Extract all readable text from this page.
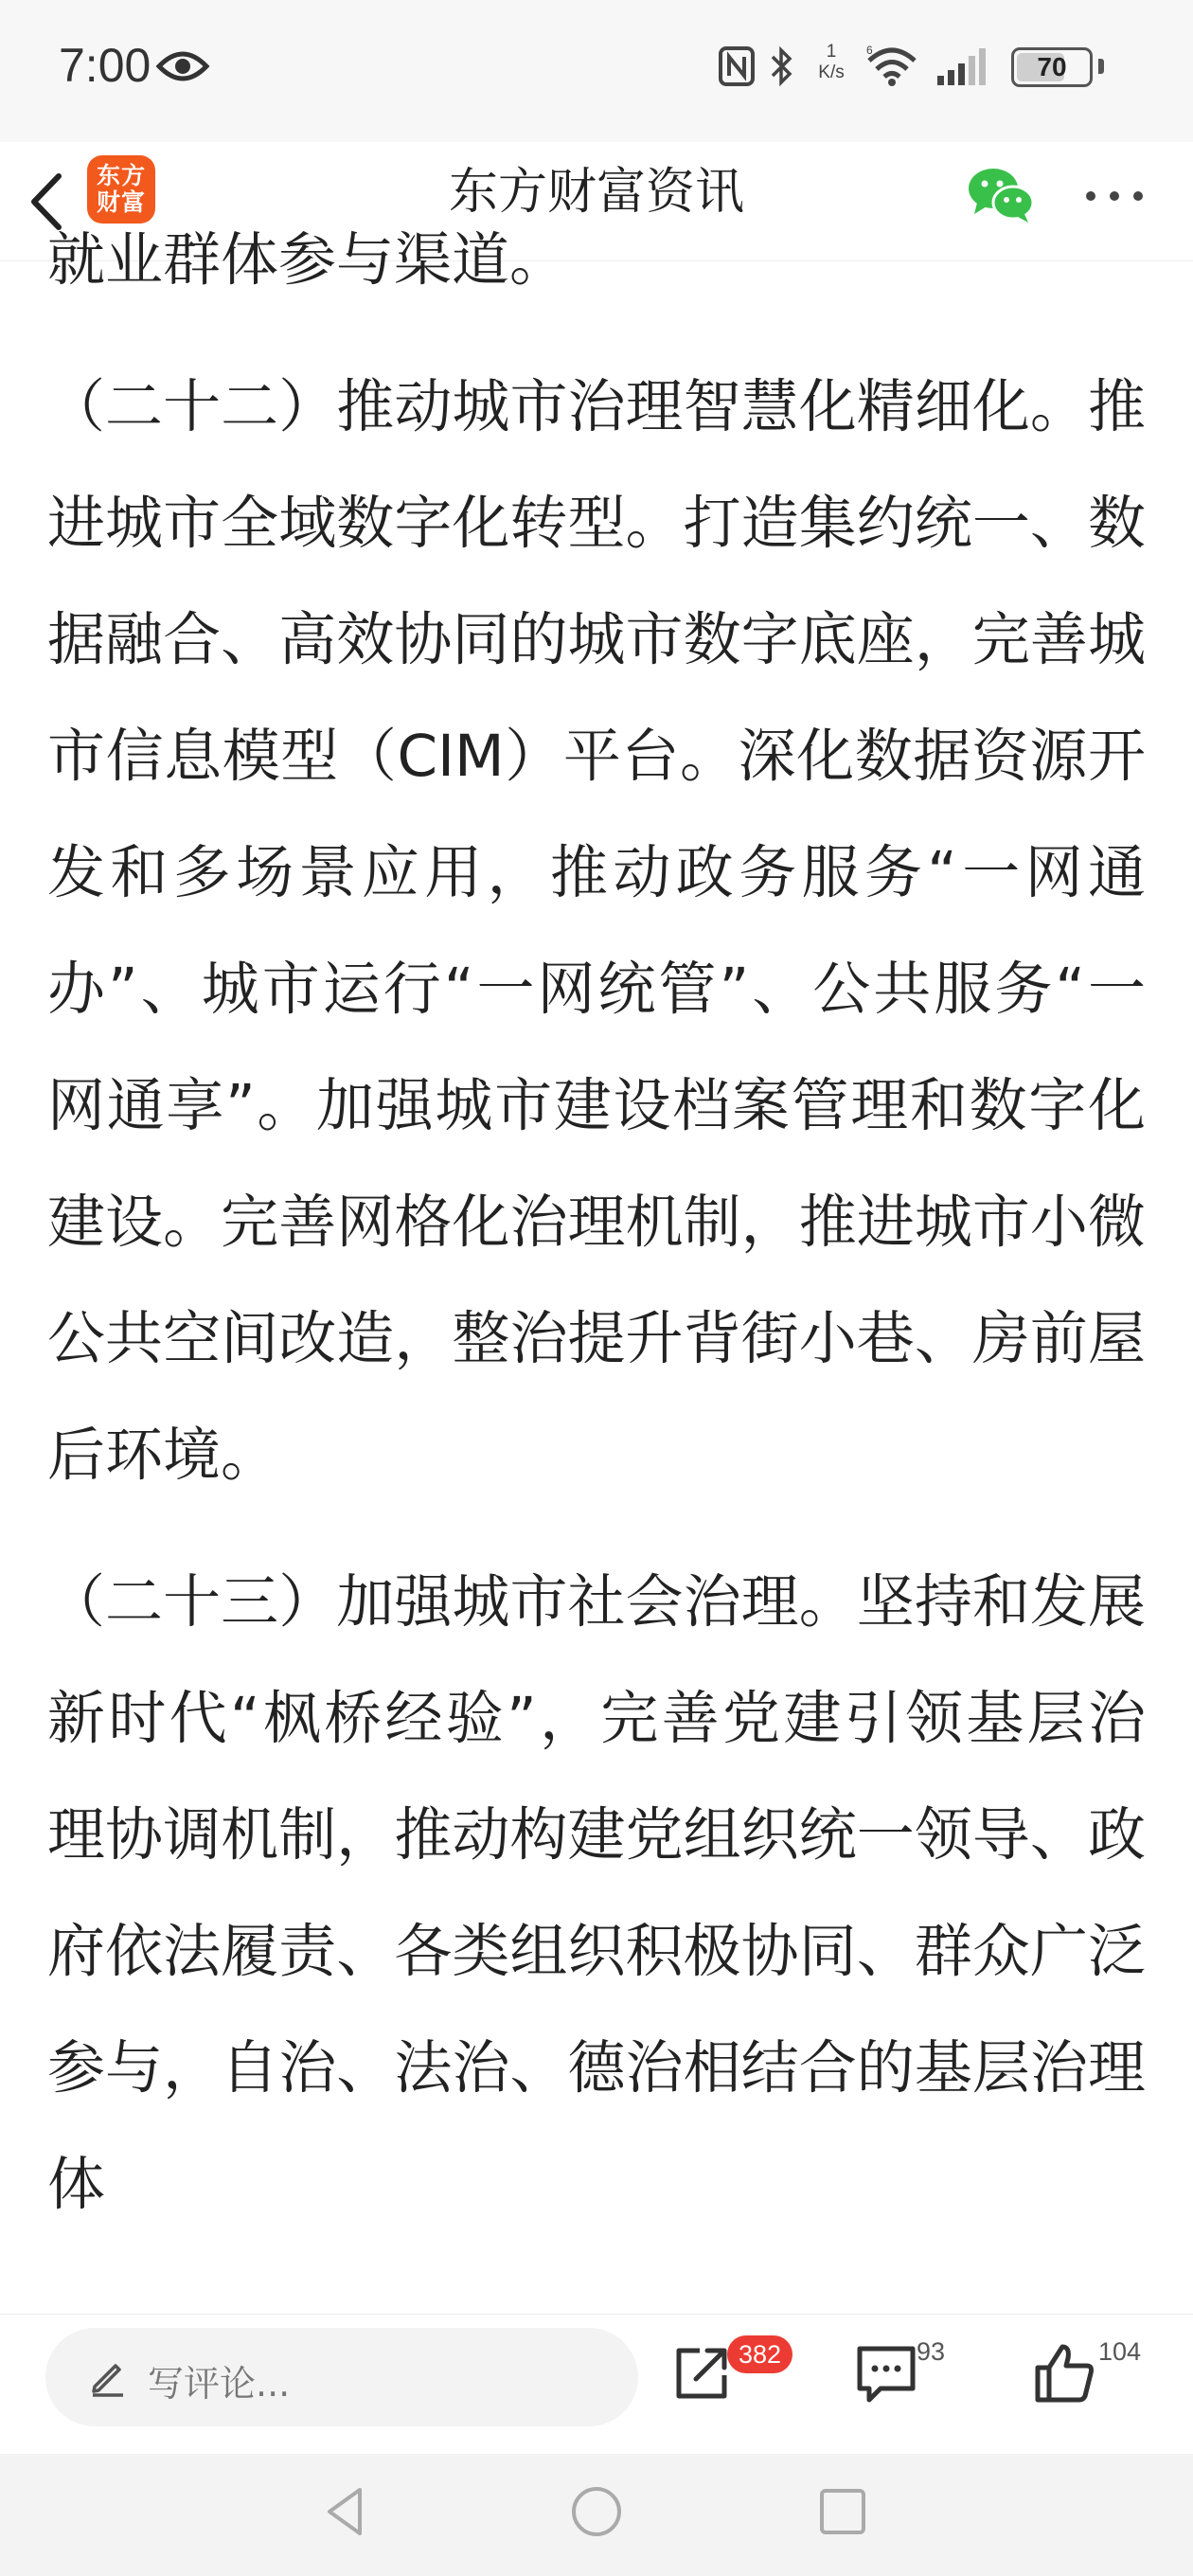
7:00	1
K/s
6
70
东方
财富	东方财富资讯

就业群体参与渠道。

（二十二）推动城市治理智慧化精细化。推进城市全域数字化转型。打造集约统一、数据融合、高效协同的城市数字底座，完善城市信息模型（CIM）平台。深化数据资源开发和多场景应用，推动政务服务“一网通办”、城市运行“一网统管”、公共服务“一网通享”。加强城市建设档案管理和数字化建设。完善网格化治理机制，推进城市小微公共空间改造，整治提升背街小巷、房前屋后环境。

（二十三）加强城市社会治理。坚持和发展新时代“枫桥经验”，完善党建引领基层治理协调机制，推动构建党组织统一领导、政府依法履责、各类组织积极协同、群众广泛参与，自治、法治、德治相结合的基层治理体

写评论...
382	93	104
